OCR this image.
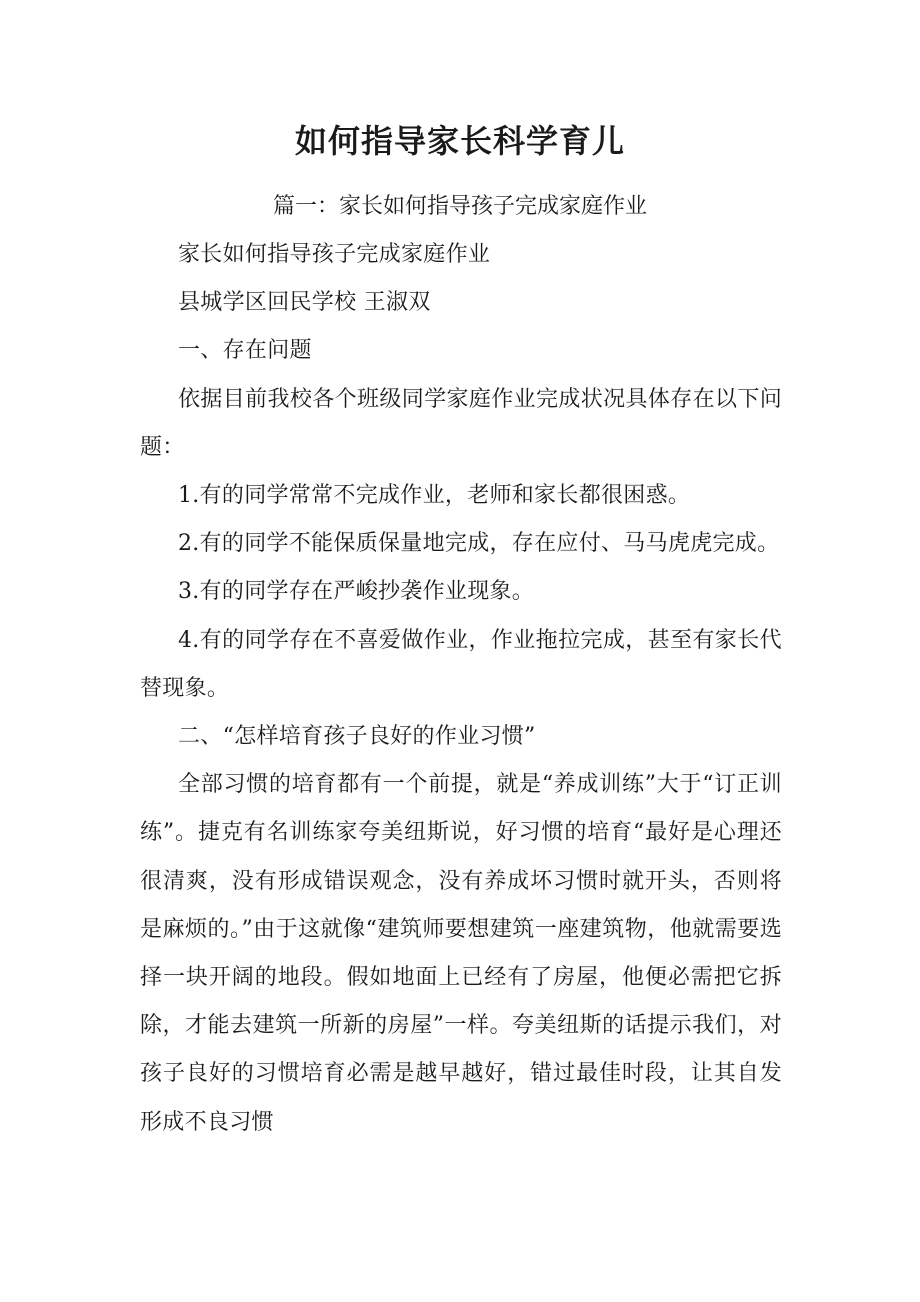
如何指导家长科学育儿

篇一：家长如何指导孩子完成家庭作业

家长如何指导孩子完成家庭作业

县城学区回民学校 王淑双

一、存在问题

依据目前我校各个班级同学家庭作业完成状况具体存在以下问题：

1.有的同学常常不完成作业，老师和家长都很困惑。

2.有的同学不能保质保量地完成，存在应付、马马虎虎完成。

3.有的同学存在严峻抄袭作业现象。

4.有的同学存在不喜爱做作业，作业拖拉完成，甚至有家长代替现象。

二、“怎样培育孩子良好的作业习惯”

全部习惯的培育都有一个前提，就是“养成训练”大于“订正训练”。捷克有名训练家夸美纽斯说，好习惯的培育“最好是心理还很清爽，没有形成错误观念，没有养成坏习惯时就开头，否则将是麻烦的。”由于这就像“建筑师要想建筑一座建筑物，他就需要选择一块开阔的地段。假如地面上已经有了房屋，他便必需把它拆除，才能去建筑一所新的房屋”一样。夸美纽斯的话提示我们，对孩子良好的习惯培育必需是越早越好，错过最佳时段，让其自发形成不良习惯
